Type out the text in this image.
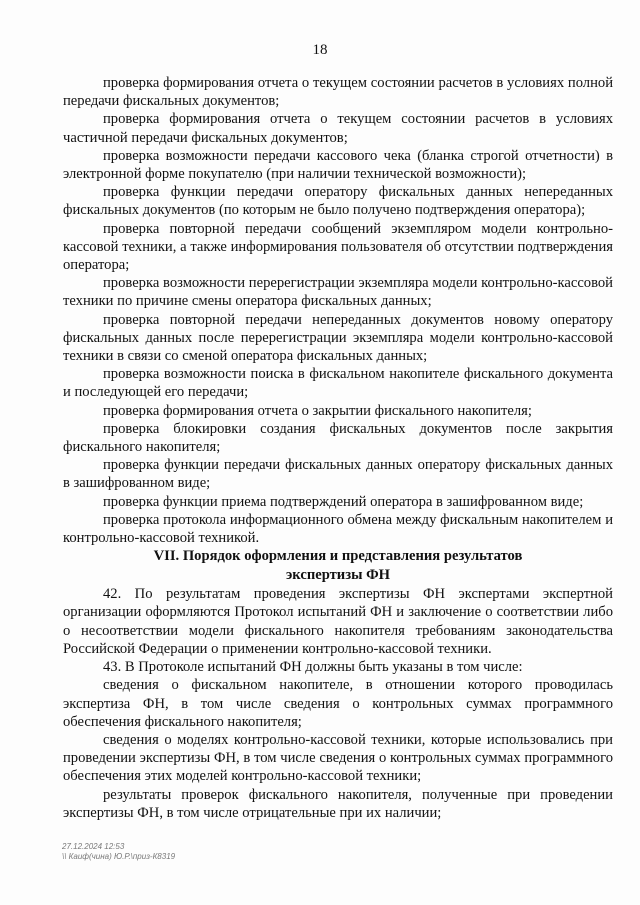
18

проверка формирования отчета о текущем состоянии расчетов в условиях полной передачи фискальных документов;

проверка формирования отчета о текущем состоянии расчетов в условиях частичной передачи фискальных документов;

проверка возможности передачи кассового чека (бланка строгой отчетности) в электронной форме покупателю (при наличии технической возможности);

проверка функции передачи оператору фискальных данных непереданных фискальных документов (по которым не было получено подтверждения оператора);

проверка повторной передачи сообщений экземпляром модели контрольно-кассовой техники, а также информирования пользователя об отсутствии подтверждения оператора;

проверка возможности перерегистрации экземпляра модели контрольно-кассовой техники по причине смены оператора фискальных данных;

проверка повторной передачи непереданных документов новому оператору фискальных данных после перерегистрации экземпляра модели контрольно-кассовой техники в связи со сменой оператора фискальных данных;

проверка возможности поиска в фискальном накопителе фискального документа и последующей его передачи;

проверка формирования отчета о закрытии фискального накопителя;

проверка блокировки создания фискальных документов после закрытия фискального накопителя;

проверка функции передачи фискальных данных оператору фискальных данных в зашифрованном виде;

проверка функции приема подтверждений оператора в зашифрованном виде;

проверка протокола информационного обмена между фискальным накопителем и контрольно-кассовой техникой.

VII. Порядок оформления и представления результатов
экспертизы ФН

42. По результатам проведения экспертизы ФН экспертами экспертной организации оформляются Протокол испытаний ФН и заключение о соответствии либо о несоответствии модели фискального накопителя требованиям законодательства Российской Федерации о применении контрольно-кассовой техники.

43. В Протоколе испытаний ФН должны быть указаны в том числе:

сведения о фискальном накопителе, в отношении которого проводилась экспертиза ФН, в том числе сведения о контрольных суммах программного обеспечения фискального накопителя;

сведения о моделях контрольно-кассовой техники, которые использовались при проведении экспертизы ФН, в том числе сведения о контрольных суммах программного обеспечения этих моделей контрольно-кассовой техники;

результаты проверок фискального накопителя, полученные при проведении экспертизы ФН, в том числе отрицательные при их наличии;

27.12.2024 12:53
\\ Каиф(чина) Ю.Р.\приз-К8319
